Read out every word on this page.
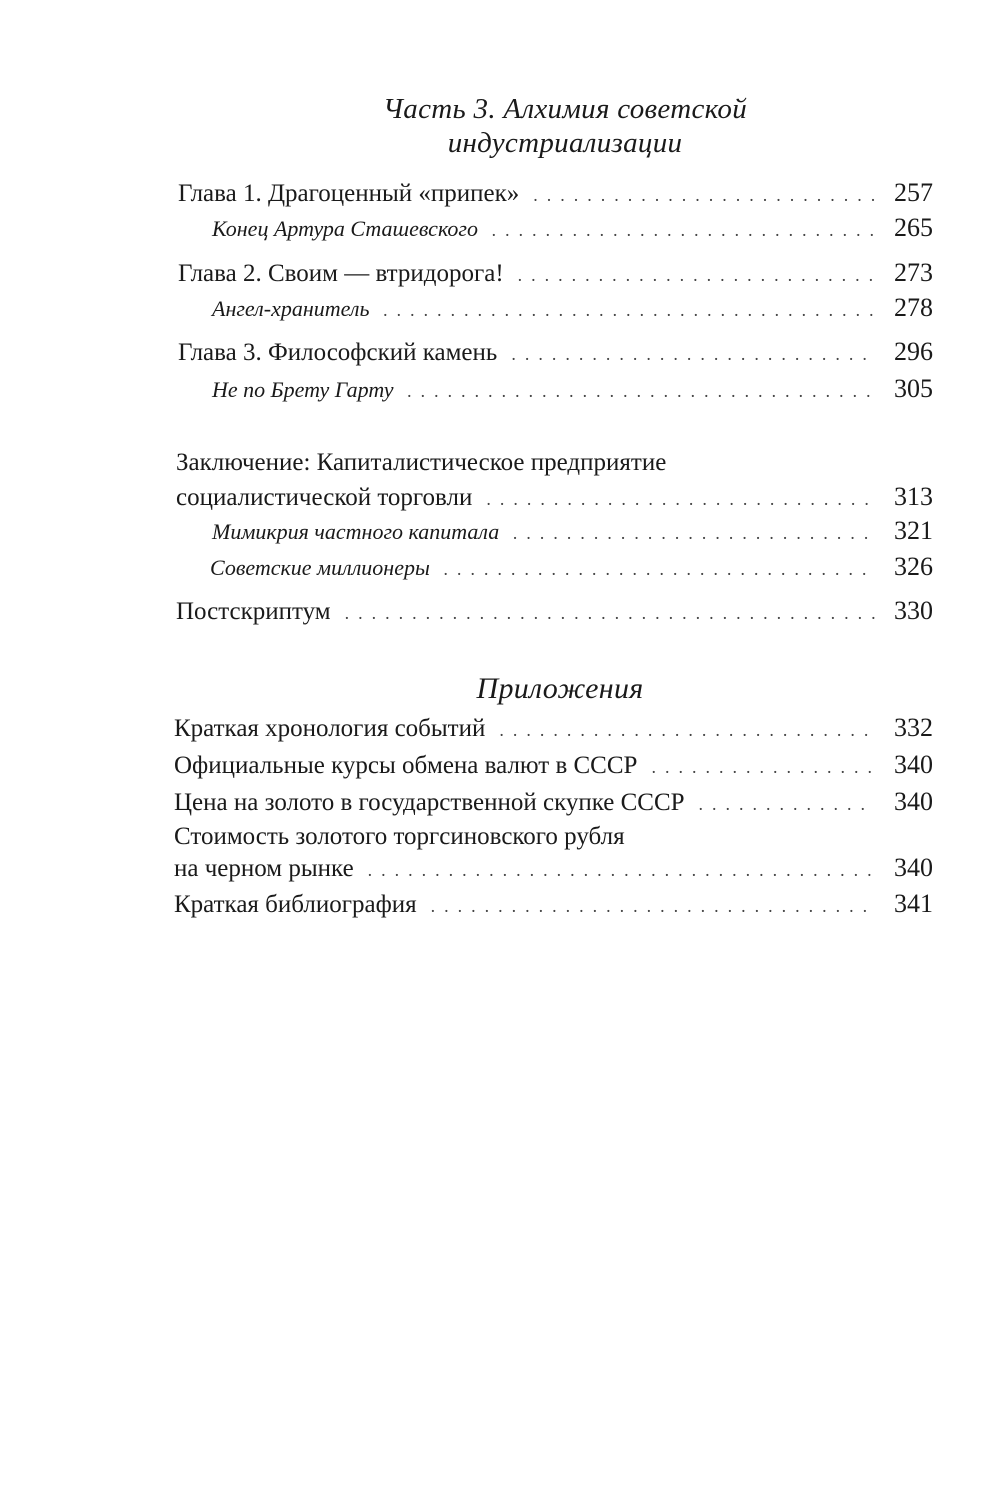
Часть 3. Алхимия советской
индустриализации
Глава 1. Драгоценный «припек» . .	257
Конец Артура Сташевского . .	265
Глава 2. Своим — втридорога! . .	273
Ангел-хранитель . .	278
Глава 3. Философский камень . .	296
Не по Брету Гарту . .	305
Заключение: Капиталистическое предприятие
социалистической торговли . .	313
Мимикрия частного капитала . .	321
Советские миллионеры . .	326
Постскриптум . .	330
Приложения
Краткая хронология событий . .	332
Официальные курсы обмена валют в СССР . .	340
Цена на золото в государственной скупке СССР . .	340
Стоимость золотого торгсиновского рубля
на черном рынке . .	340
Краткая библиография . .	341
